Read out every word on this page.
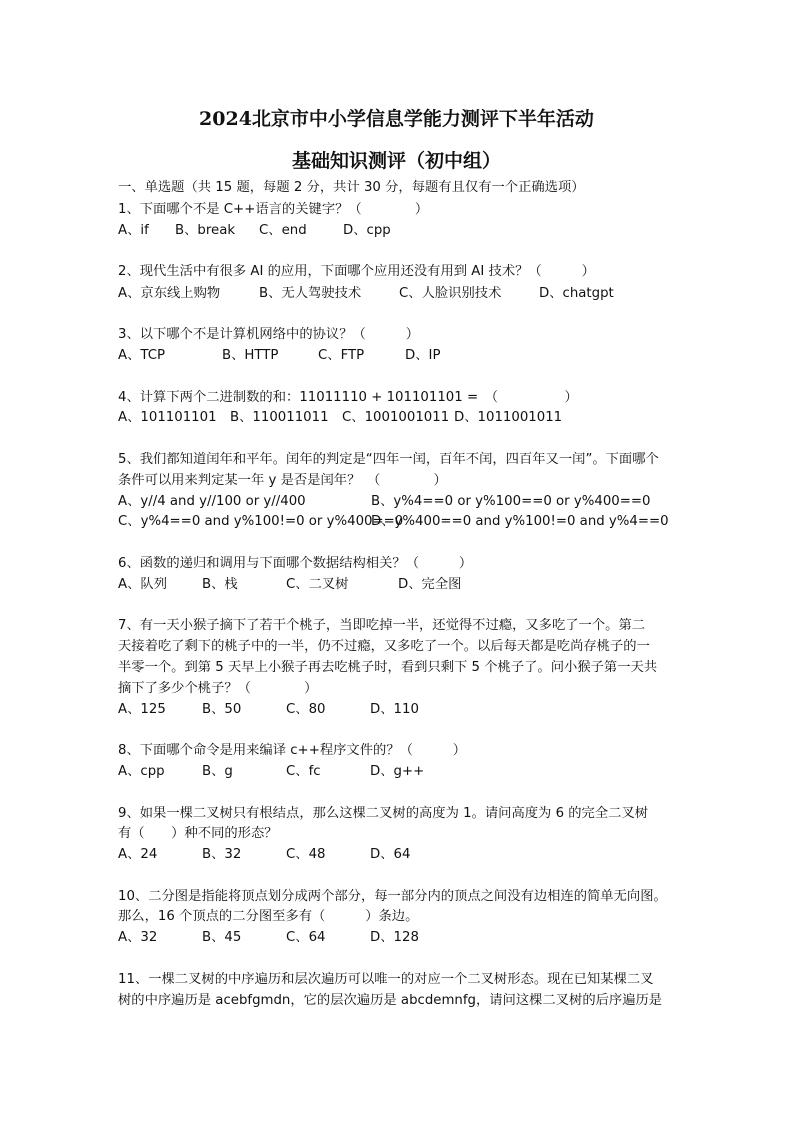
2024北京市中小学信息学能力测评下半年活动
基础知识测评（初中组）
一、单选题（共 15 题，每题 2 分，共计 30 分，每题有且仅有一个正确选项）
1、下面哪个不是 C++语言的关键字？（　　　　）
A、if B、break C、end	D、cpp
2、现代生活中有很多 AI 的应用，下面哪个应用还没有用到 AI 技术？（　　　）
A、京东线上购物	B、无人驾驶技术	C、人脸识别技术	D、chatgpt
3、以下哪个不是计算机网络中的协议？（　　　）
A、TCP	B、HTTP	C、FTP	D、IP
4、计算下两个二进制数的和：11011110 + 101101101 =　（　　　　　）
A、101101101 B、110011011 C、1001001011 D、1011001011
5、我们都知道闰年和平年。闰年的判定是“四年一闰，百年不闰，四百年又一闰”。下面哪个
条件可以用来判定某一年 y 是否是闰年？　（　　　　）
A、y//4 and y//100 or y//400	B、y%4==0 or y%100==0 or y%400==0
C、y%4==0 and y%100!=0 or y%400==0
D、y%400==0 and y%100!=0 and y%4==0
6、函数的递归和调用与下面哪个数据结构相关？（　　　）
A、队列	B、栈	C、二叉树	D、完全图
7、有一天小猴子摘下了若干个桃子，当即吃掉一半，还觉得不过瘾，又多吃了一个。第二
天接着吃了剩下的桃子中的一半，仍不过瘾，又多吃了一个。以后每天都是吃尚存桃子的一
半零一个。到第 5 天早上小猴子再去吃桃子时，看到只剩下 5 个桃子了。问小猴子第一天共
摘下了多少个桃子？（　　　　）
A、125	B、50	C、80	D、110
8、下面哪个命令是用来编译 c++程序文件的？（　　　）
A、cpp	B、g	C、fc	D、g++
9、如果一棵二叉树只有根结点，那么这棵二叉树的高度为 1。请问高度为 6 的完全二叉树
有（　　）种不同的形态？
A、24	B、32	C、48	D、64
10、二分图是指能将顶点划分成两个部分，每一部分内的顶点之间没有边相连的简单无向图。
那么，16 个顶点的二分图至多有（　　　）条边。
A、32	B、45	C、64	D、128
11、一棵二叉树的中序遍历和层次遍历可以唯一的对应一个二叉树形态。现在已知某棵二叉
树的中序遍历是 acebfgmdn，它的层次遍历是 abcdemnfg，请问这棵二叉树的后序遍历是
